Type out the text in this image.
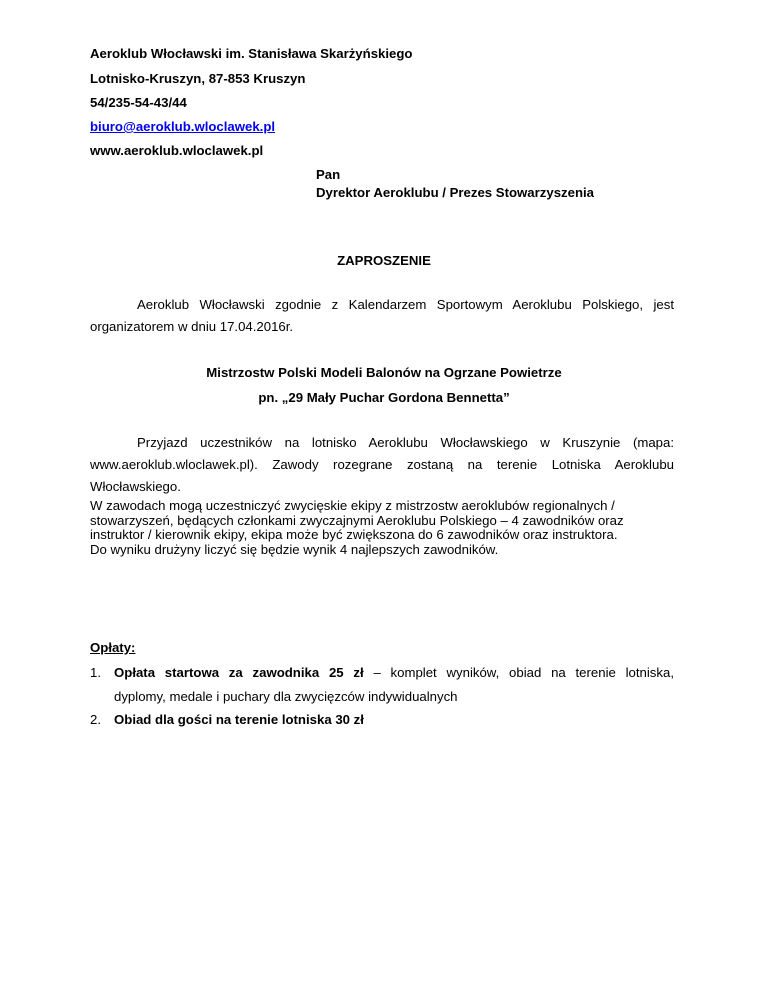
Aeroklub Włocławski im. Stanisława Skarżyńskiego
Lotnisko-Kruszyn, 87-853 Kruszyn
54/235-54-43/44
biuro@aeroklub.wloclawek.pl
www.aeroklub.wloclawek.pl
Pan
Dyrektor Aeroklubu / Prezes Stowarzyszenia
ZAPROSZENIE
Aeroklub Włocławski zgodnie z Kalendarzem Sportowym Aeroklubu Polskiego, jest
organizatorem w dniu 17.04.2016r.
Mistrzostw Polski Modeli Balonów na Ogrzane Powietrze
pn. „29 Mały Puchar Gordona Bennetta”
Przyjazd uczestników na lotnisko Aeroklubu Włocławskiego w Kruszynie (mapa:
www.aeroklub.wloclawek.pl). Zawody rozegrane zostaną na terenie Lotniska Aeroklubu
Włocławskiego.
W zawodach mogą uczestniczyć zwycięskie ekipy z mistrzostw aeroklubów regionalnych /
stowarzyszeń, będących członkami zwyczajnymi Aeroklubu Polskiego – 4 zawodników oraz
instruktor / kierownik ekipy, ekipa może być zwiększona do 6 zawodników oraz instruktora.
Do wyniku drużyny liczyć się będzie wynik 4 najlepszych zawodników.
Opłaty:
1. Opłata startowa za zawodnika 25 zł – komplet wyników, obiad na terenie lotniska,
dyplomy, medale i puchary dla zwycięzców indywidualnych
2. Obiad dla gości na terenie lotniska 30 zł
